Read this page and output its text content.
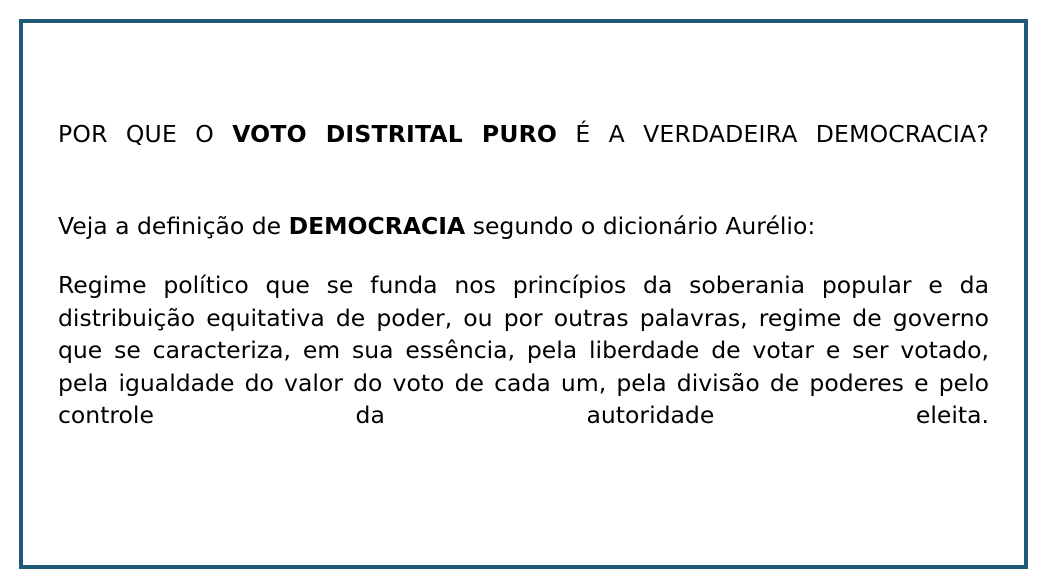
POR QUE O VOTO DISTRITAL PURO É A VERDADEIRA DEMOCRACIA?

Veja a definição de DEMOCRACIA segundo o dicionário Aurélio:

Regime político que se funda nos princípios da soberania popular e da distribuição equitativa de poder, ou por outras palavras, regime de governo que se caracteriza, em sua essência, pela liberdade de votar e ser votado, pela igualdade do valor do voto de cada um, pela divisão de poderes e pelo controle da autoridade eleita.
